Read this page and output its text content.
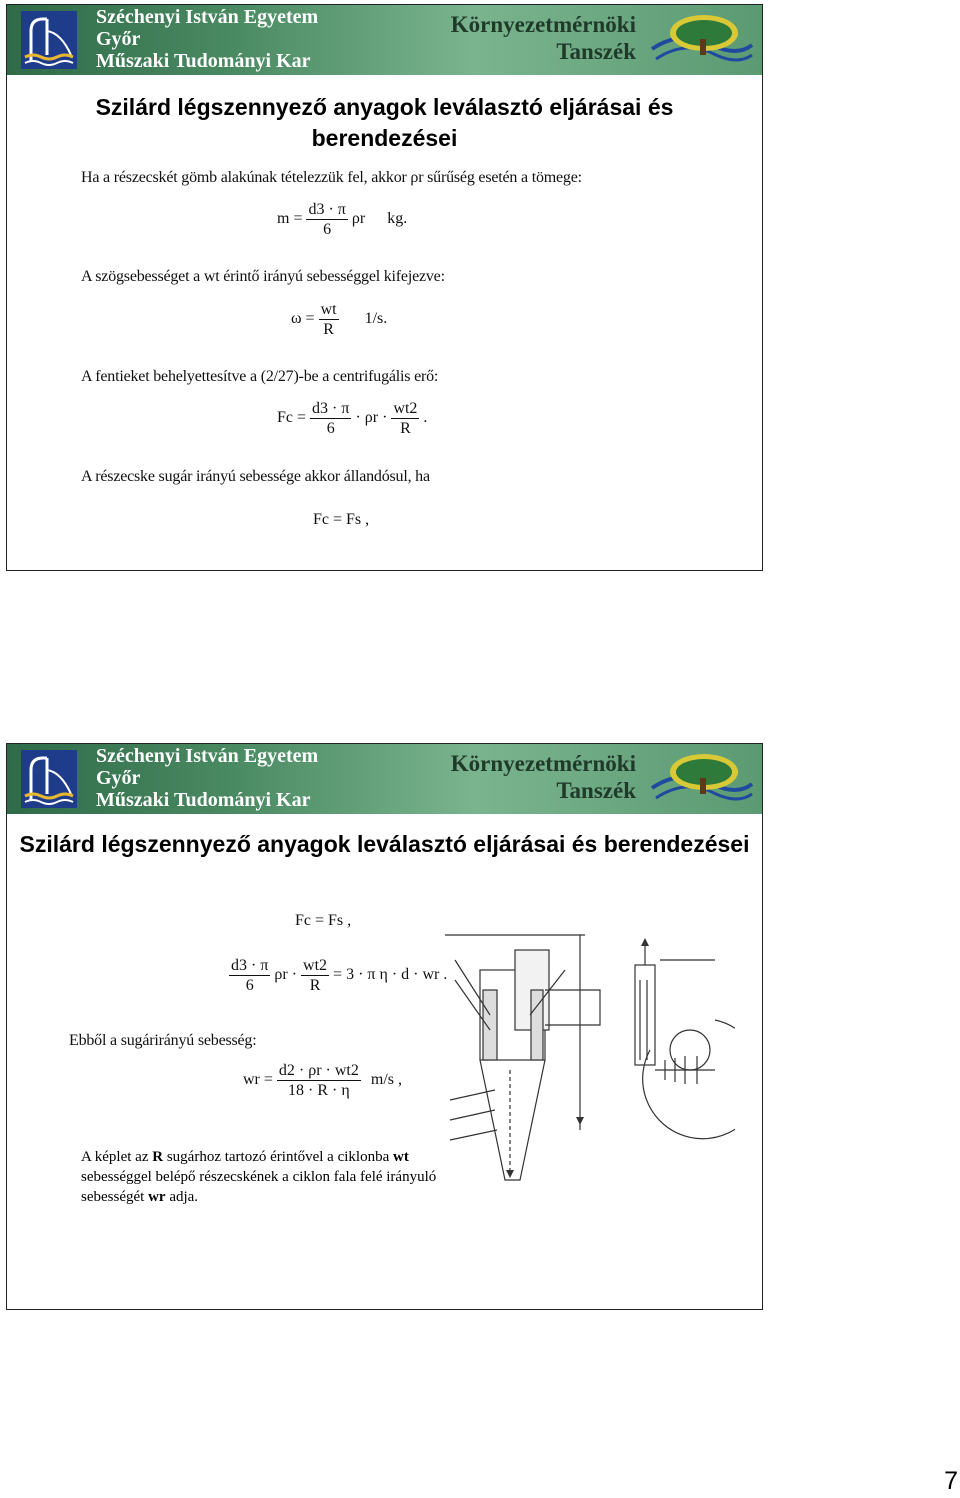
Széchenyi István Egyetem
Győr
Műszaki Tudományi Kar
Környezetmérnöki
Tanszék
Szilárd légszennyező anyagok leválasztó eljárásai és berendezései
Ha a részecskét gömb alakúnak tételezzük fel, akkor ρr sűrűség esetén a tömege:
$m = \frac{d3 \cdot \pi}{6}$ ρr kg.
A szögsebességet a wt érintő irányú sebességgel kifejezve:
$\omega = \frac{wt}{R} 1/s$.
A fentieket behelyettesítve a (2/27)-be a centrifugális erő:
$Fc = \frac{d3 \cdot \pi}{6} \cdot \rho r \cdot \frac{wt2}{R}$ .
A részecske sugár irányú sebessége akkor állandósul, ha
Fc = Fs ,
Széchenyi István Egyetem
Győr
Műszaki Tudományi Kar
Környezetmérnöki
Tanszék
Szilárd légszennyező anyagok leválasztó eljárásai és berendezései
Fc = Fs ,
$\frac{d3 \cdot \pi}{6}$ $\rho r \cdot \frac{wt2}{R} = 3 \cdot \pi$ η · d · wr .
Ebből a sugárirányú sebesség:
wr = $\frac{d2 \cdot \rho r \cdot wt2}{18 \cdot R \cdot \eta} m/s$ ,
A képlet az R sugárhoz tartozó érintővel a ciklonba wt sebességgel belépő részecskének a ciklon fala felé irányuló sebességét wr adja.
7
